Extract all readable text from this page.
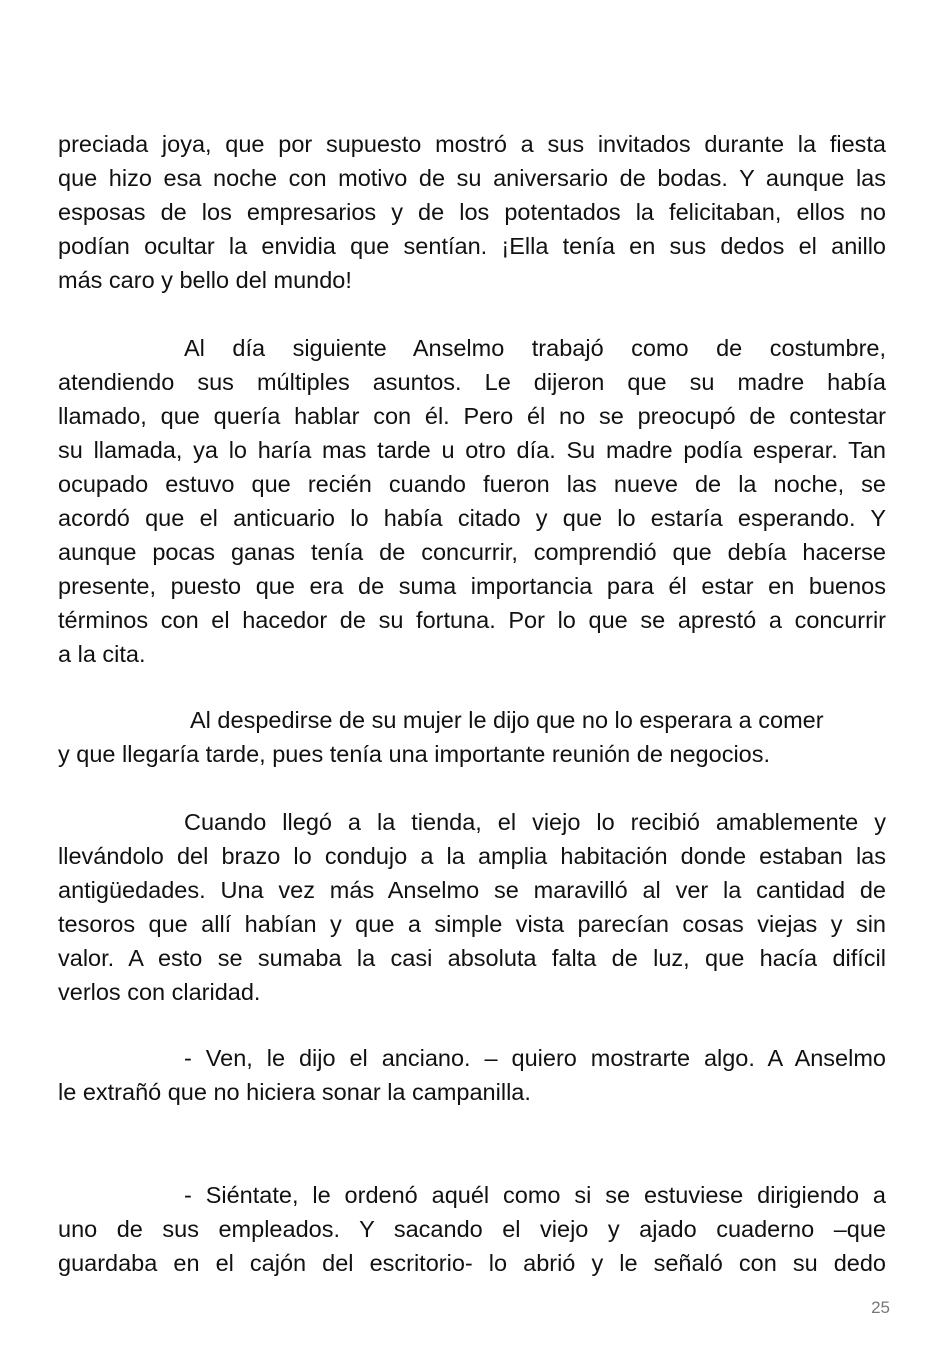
preciada joya, que por supuesto mostró a sus invitados durante la fiesta
que hizo esa noche con motivo de su aniversario de bodas. Y aunque las
esposas de los empresarios y de los potentados la felicitaban, ellos no
podían ocultar la envidia que sentían. ¡Ella tenía en sus dedos el anillo
más caro y bello del mundo!
Al día siguiente Anselmo trabajó como de costumbre,
atendiendo sus múltiples asuntos. Le dijeron que su madre había
llamado, que quería hablar con él. Pero él no se preocupó de contestar
su llamada, ya lo haría mas tarde u otro día. Su madre podía esperar. Tan
ocupado estuvo que recién cuando fueron las nueve de la noche, se
acordó que el anticuario lo había citado y que lo estaría esperando. Y
aunque pocas ganas tenía de concurrir, comprendió que debía hacerse
presente, puesto que era de suma importancia para él estar en buenos
términos con el hacedor de su fortuna. Por lo que se aprestó a concurrir
a la cita.
Al despedirse de su mujer le dijo que no lo esperara a comer
y que llegaría tarde, pues tenía una importante reunión de negocios.
Cuando llegó a la tienda, el viejo lo recibió amablemente y
llevándolo del brazo lo condujo a la amplia habitación donde estaban las
antigüedades. Una vez más Anselmo se maravilló al ver la cantidad de
tesoros que allí habían y que a simple vista parecían cosas viejas y sin
valor. A esto se sumaba la casi absoluta falta de luz, que hacía difícil
verlos con claridad.
- Ven, le dijo el anciano. – quiero mostrarte algo. A Anselmo
le extrañó que no hiciera sonar la campanilla.
- Siéntate, le ordenó aquél como si se estuviese dirigiendo a
uno de sus empleados. Y sacando el viejo y ajado cuaderno –que
guardaba en el cajón del escritorio- lo abrió y le señaló con su dedo
25
